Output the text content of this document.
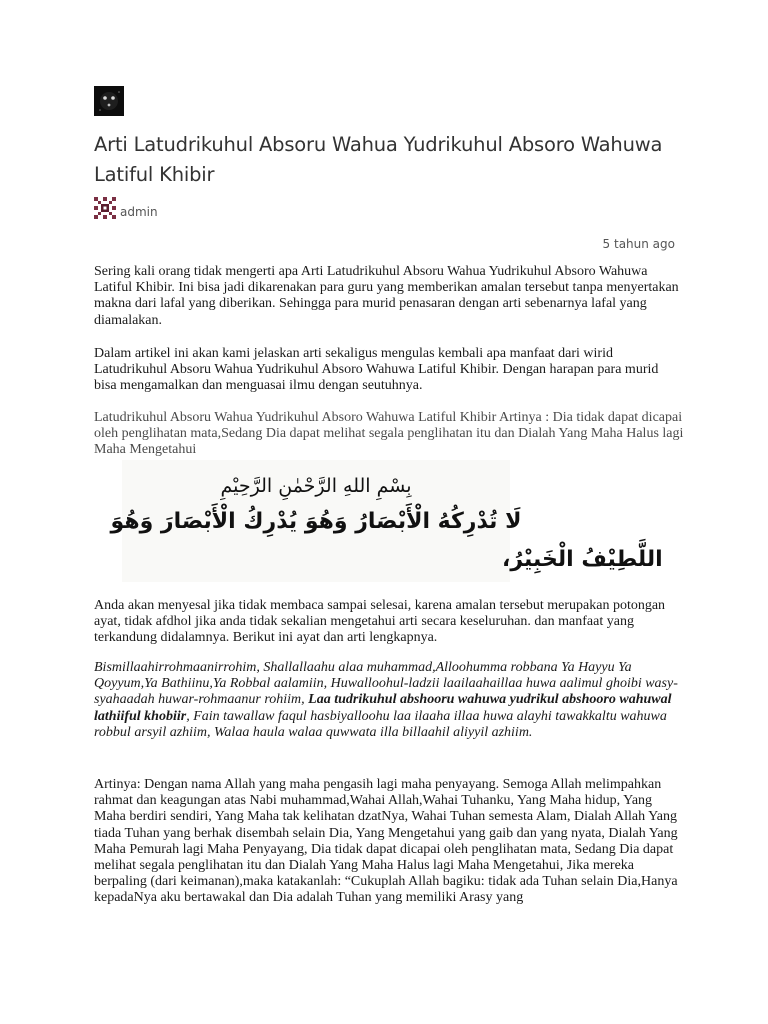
Arti Latudrikuhul Absoru Wahua Yudrikuhul Absoro Wahuwa Latiful Khibir
admin
5 tahun ago

Sering kali orang tidak mengerti apa Arti Latudrikuhul Absoru Wahua Yudrikuhul Absoro Wahuwa Latiful Khibir. Ini bisa jadi dikarenakan para guru yang memberikan amalan tersebut tanpa menyertakan makna dari lafal yang diberikan. Sehingga para murid penasaran dengan arti sebenarnya lafal yang diamalakan.

Dalam artikel ini akan kami jelaskan arti sekaligus mengulas kembali apa manfaat dari wirid Latudrikuhul Absoru Wahua Yudrikuhul Absoro Wahuwa Latiful Khibir. Dengan harapan para murid bisa mengamalkan dan menguasai ilmu dengan seutuhnya.

Latudrikuhul Absoru Wahua Yudrikuhul Absoro Wahuwa Latiful Khibir Artinya : Dia tidak dapat dicapai oleh penglihatan mata,Sedang Dia dapat melihat segala penglihatan itu dan Dialah Yang Maha Halus lagi Maha Mengetahui

بِسْمِ اللهِ الرَّحْمٰنِ الرَّحِيْمِ
لَا تُدْرِكُهُ الْأَبْصَارُ وَهُوَ يُدْرِكُ الْأَبْصَارَ وَهُوَ
اللَّطِيْفُ الْخَبِيْرُ،

Anda akan menyesal jika tidak membaca sampai selesai, karena amalan tersebut merupakan potongan ayat, tidak afdhol jika anda tidak sekalian mengetahui arti secara keseluruhan. dan manfaat yang terkandung didalamnya. Berikut ini ayat dan arti lengkapnya.

Bismillaahirrohmaanirrohim, Shallallaahu alaa muhammad,Alloohumma robbana Ya Hayyu Ya Qoyyum,Ya Bathiinu,Ya Robbal aalamiin, Huwalloohul-ladzii laailaahaillaa huwa aalimul ghoibi wasy-syahaadah huwar-rohmaanur rohiim, Laa tudrikuhul abshooru wahuwa yudrikul abshooro wahuwal lathiiful khobiir, Fain tawallaw faqul hasbiyalloohu laa ilaaha illaa huwa alayhi tawakkaltu wahuwa robbul arsyil azhiim, Walaa haula walaa quwwata illa billaahil aliyyil azhiim.

Artinya: Dengan nama Allah yang maha pengasih lagi maha penyayang. Semoga Allah melimpahkan rahmat dan keagungan atas Nabi muhammad,Wahai Allah,Wahai Tuhanku, Yang Maha hidup, Yang Maha berdiri sendiri, Yang Maha tak kelihatan dzatNya, Wahai Tuhan semesta Alam, Dialah Allah Yang tiada Tuhan yang berhak disembah selain Dia, Yang Mengetahui yang gaib dan yang nyata, Dialah Yang Maha Pemurah lagi Maha Penyayang, Dia tidak dapat dicapai oleh penglihatan mata, Sedang Dia dapat melihat segala penglihatan itu dan Dialah Yang Maha Halus lagi Maha Mengetahui, Jika mereka berpaling (dari keimanan),maka katakanlah: “Cukuplah Allah bagiku: tidak ada Tuhan selain Dia,Hanya kepadaNya aku bertawakal dan Dia adalah Tuhan yang memiliki Arasy yang
